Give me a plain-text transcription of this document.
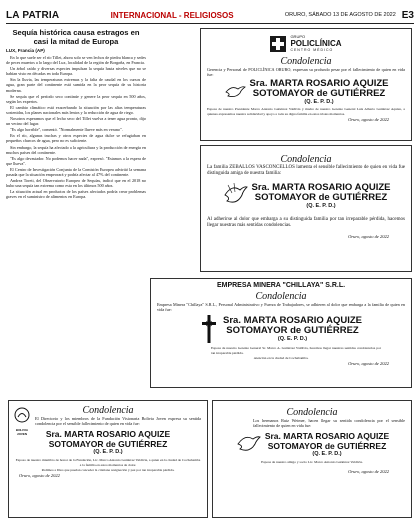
LA PATRIA	INTERNACIONAL - RELIGIOSOS	ORURO, SÁBADO 13 DE AGOSTO DE 2022 E3
Sequía histórica causa estragos en casi la mitad de Europa
LUX, Francia (AP)

En lo que suele ser el río Tillet, ahora solo se ven lechos de piedra blanca y sedes de peces muertos a lo largo del Lux, localidad de la región de Borgoña, en Francia.

Un árbol caído y diversas especies impulsan la sequía hasta niveles que no se habían visto en décadas en toda Europa.

Sin la lluvia, las temperaturas extremas y la falta de caudal en los cursos de agua, gran parte del continente está sumida en la peor sequía de su historia moderna.

Se sequía que el período seco continúe y genere la peor sequía en 500 años, según los expertos.

El cambio climático está exacerbando la situación por las altas temperaturas sostenidas, los planes nacionales más lentos y la reducción de agua de riego.

Nosotros esperamos que el lecho seco del Tillet vuelva a tener agua pronto, dijo un vecino del lugar.

"Es algo horrible", comentó. "Normalmente llueve más en verano".

En el río, algunas truchas y otros especies de agua dulce se refugiaban en pequeños charcos de agua, pero no es suficiente.

Sin embargo, la sequía ha afectado a la agricultura y la producción de energía en muchos países del continente.

"Es algo devastador. No podemos hacer nada", expresó. "Estamos a la espera de que llueva".

El Centro de Investigación Conjunta de la Comisión Europea advirtió la semana pasada que la situación empeorará y podría afectar al 47% del continente.

Andrea Toreti, del Observatorio Europeo de Sequías, indicó que en el 2018 no hubo una sequía tan extrema como esta en los últimos 500 años.

La situación actual en productos de los países afectados podría crear problemas graves en el suministro de alimentos en Europa.

GRUPO
POLICLÍNICA
CENTRO MÉDICO
Condolencia
Gerencia y Personal de POLICLÍNICA ORURO, expresan su profundo pesar por el fallecimiento de quien en vida fue:
Sra. MARTA ROSARIO AQUIZE
SOTOMAYOR de GUTIÉRREZ
(Q. E. P. D.)
Esposa de nuestro Presidente Marco Antonio Gutiérrez Valdivia y madre de nuestro Gerente General Luis Alberto Gutiérrez Aquize, a quienes expresamos nuestra solidaridad y apoyo a toda su digna familia en estos tristes momentos.
Oruro, agosto de 2022
Condolencia
La familia ZEBALLOS VASCONCELLOS lamenta el sensible fallecimiento de quien en vida fue distinguida amiga de nuestra familia:
Sra. MARTA ROSARIO AQUIZE
SOTOMAYOR de GUTIÉRREZ
(Q. E. P. D.)
Al adherirse al dolor que embarga a su distinguida familia por tan irreparable pérdida, hacemos llegar nuestras más sentidas condolencias.
Oruro, agosto de 2022
EMPRESA MINERA "CHILLAYA" S.R.L.
Condolencia
Empresa Minera "Chillaya" S.R.L., Personal Administrativo y Fuerza de Trabajadores, se adhieren al dolor que embarga a la familia de quien en vida fue:
Sra. MARTA ROSARIO AQUIZE
SOTOMAYOR de GUTIÉRREZ
(Q. E. P. D.)
Esposa de nuestro Gerente General Sr. Marco A. Gutiérrez Valdivia, hacemos llegar nuestras sentidas condolencias por tan irreparable pérdida.
Atención en la ciudad de Cochabamba.
Oruro, agosto de 2022
BOLIVIA JOVEN
Condolencia
El Directorio y los miembros de la Fundación Visionaria Bolivia Joven expresa su sentida condolencia por el sensible fallecimiento de quien en vida fue:
Sra. MARTA ROSARIO AQUIZE
SOTOMAYOR de GUTIÉRREZ
(Q. E. P. D.)
Esposo de nuestro miembro de honor de la Fundación, Lic. Marco Antonio Gutiérrez Valdivia, a quien en la ciudad de Cochabamba a la familia en estos momentos de dolor.
Pedimos a Dios que puedan conceder la cristiana resignación y paz por tan irreparable pérdida.
Oruro, agosto de 2022
Condolencia
Los hermanos Ruiz Weimer, hacen llegar su sentida condolencia por el sensible fallecimiento de quien en vida fue:
Sra. MARTA ROSARIO AQUIZE
SOTOMAYOR de GUTIÉRREZ
(Q. E. P. D.)
Esposa de nuestro amigo y socio Lic. Marco Antonio Gutiérrez Valdivia.
Oruro, agosto de 2022
